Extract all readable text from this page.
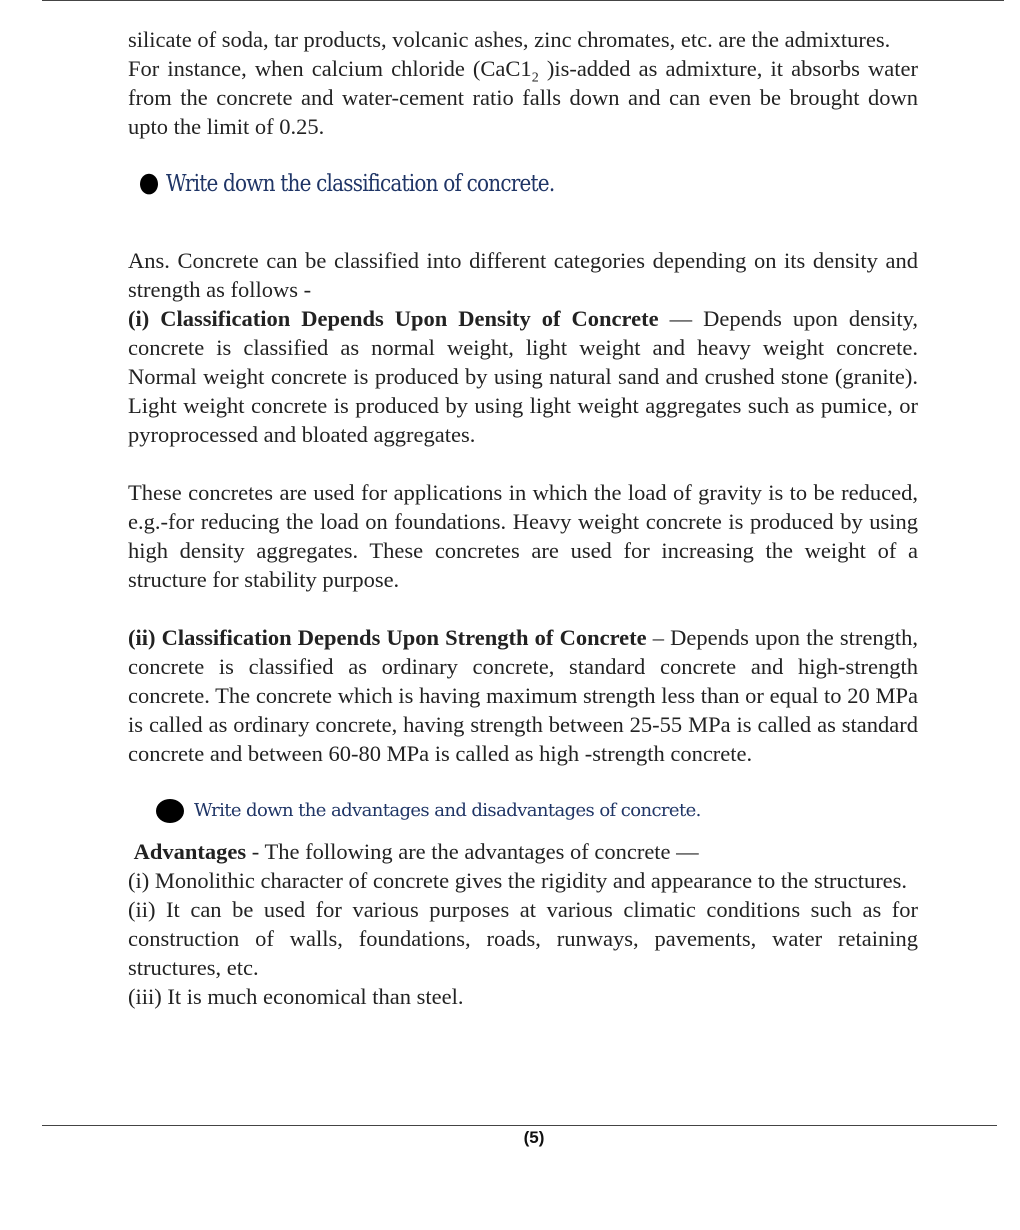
silicate of soda, tar products, volcanic ashes, zinc chromates, etc. are the admixtures.

For instance, when calcium chloride ($CaC1_2$ )is-added as admixture, it absorbs water from the concrete and water-cement ratio falls down and can even be brought down upto the limit of 0.25.

Write down the classification of concrete.

Ans. Concrete can be classified into different categories depending on its density and strength as follows -

(i) Classification Depends Upon Density of Concrete — Depends upon density, concrete is classified as normal weight, light weight and heavy weight concrete. Normal weight concrete is produced by using natural sand and crushed stone (granite). Light weight concrete is produced by using light weight aggregates such as pumice, or pyroprocessed and bloated aggregates.

These concretes are used for applications in which the load of gravity is to be reduced, e.g.-for reducing the load on foundations. Heavy weight concrete is produced by using high density aggregates. These concretes are used for increasing the weight of a structure for stability purpose.

(ii) Classification Depends Upon Strength of Concrete – Depends upon the strength, concrete is classified as ordinary concrete, standard concrete and high-strength concrete. The concrete which is having maximum strength less than or equal to 20 MPa is called as ordinary concrete, having strength between 25-55 MPa is called as standard concrete and between 60-80 MPa is called as high -strength concrete.

Write down the advantages and disadvantages of concrete.

Advantages - The following are the advantages of concrete —

(i) Monolithic character of concrete gives the rigidity and appearance to the structures.

(ii) It can be used for various purposes at various climatic conditions such as for construction of walls, foundations, roads, runways, pavements, water retaining structures, etc.

(iii) It is much economical than steel.

(5)
